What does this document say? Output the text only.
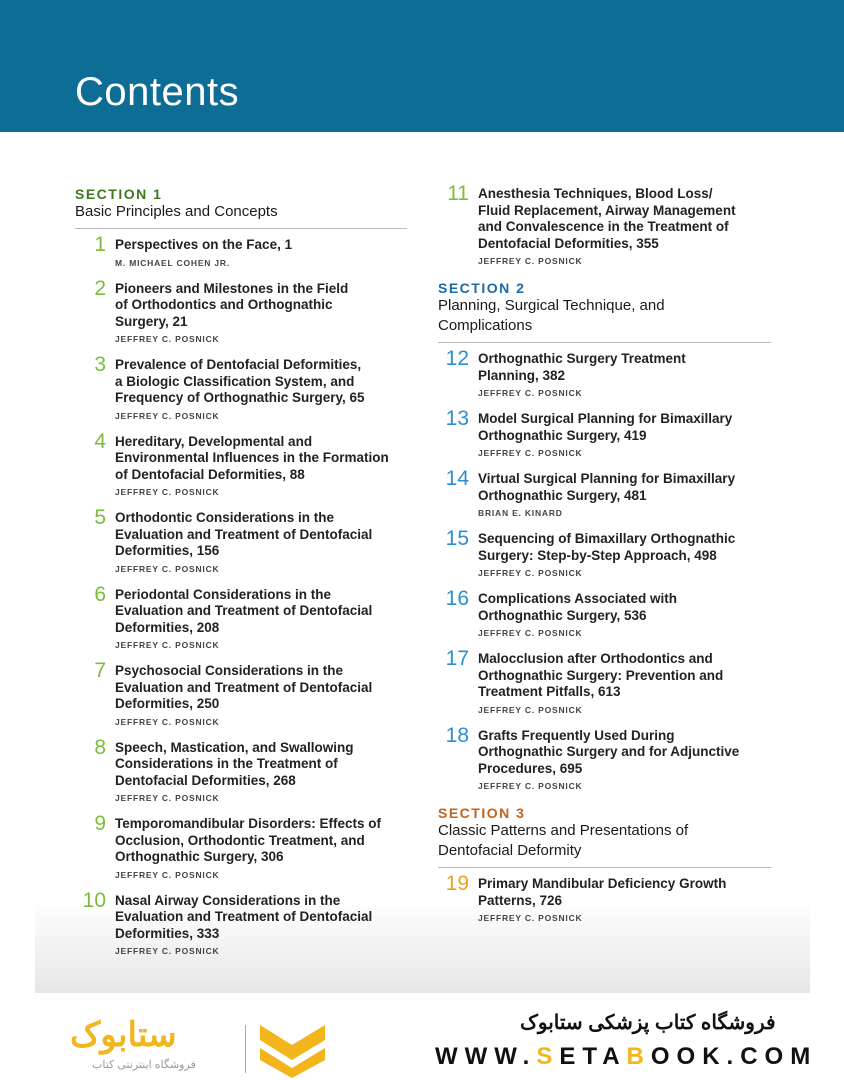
Contents
SECTION 1
Basic Principles and Concepts
1 Perspectives on the Face, 1
M. MICHAEL COHEN JR.
2 Pioneers and Milestones in the Field
of Orthodontics and Orthognathic
Surgery, 21
JEFFREY C. POSNICK
3 Prevalence of Dentofacial Deformities,
a Biologic Classification System, and
Frequency of Orthognathic Surgery, 65
JEFFREY C. POSNICK
4 Hereditary, Developmental and
Environmental Influences in the Formation
of Dentofacial Deformities, 88
JEFFREY C. POSNICK
5 Orthodontic Considerations in the
Evaluation and Treatment of Dentofacial
Deformities, 156
JEFFREY C. POSNICK
6 Periodontal Considerations in the
Evaluation and Treatment of Dentofacial
Deformities, 208
JEFFREY C. POSNICK
7 Psychosocial Considerations in the
Evaluation and Treatment of Dentofacial
Deformities, 250
JEFFREY C. POSNICK
8 Speech, Mastication, and Swallowing
Considerations in the Treatment of
Dentofacial Deformities, 268
JEFFREY C. POSNICK
9 Temporomandibular Disorders: Effects of
Occlusion, Orthodontic Treatment, and
Orthognathic Surgery, 306
JEFFREY C. POSNICK
10 Nasal Airway Considerations in the
Evaluation and Treatment of Dentofacial
Deformities, 333
JEFFREY C. POSNICK
11 Anesthesia Techniques, Blood Loss/
Fluid Replacement, Airway Management
and Convalescence in the Treatment of
Dentofacial Deformities, 355
JEFFREY C. POSNICK
SECTION 2
Planning, Surgical Technique, and
Complications
12 Orthognathic Surgery Treatment
Planning, 382
JEFFREY C. POSNICK
13 Model Surgical Planning for Bimaxillary
Orthognathic Surgery, 419
JEFFREY C. POSNICK
14 Virtual Surgical Planning for Bimaxillary
Orthognathic Surgery, 481
BRIAN E. KINARD
15 Sequencing of Bimaxillary Orthognathic
Surgery: Step-by-Step Approach, 498
JEFFREY C. POSNICK
16 Complications Associated with
Orthognathic Surgery, 536
JEFFREY C. POSNICK
17 Malocclusion after Orthodontics and
Orthognathic Surgery: Prevention and
Treatment Pitfalls, 613
JEFFREY C. POSNICK
18 Grafts Frequently Used During
Orthognathic Surgery and for Adjunctive
Procedures, 695
JEFFREY C. POSNICK
SECTION 3
Classic Patterns and Presentations of
Dentofacial Deformity
19 Primary Mandibular Deficiency Growth
Patterns, 726
JEFFREY C. POSNICK
ستابوک
فروشگاه اینترنتی کتاب
فروشگاه کتاب پزشکی ستابوک
WWW.SETABOOK.COM
